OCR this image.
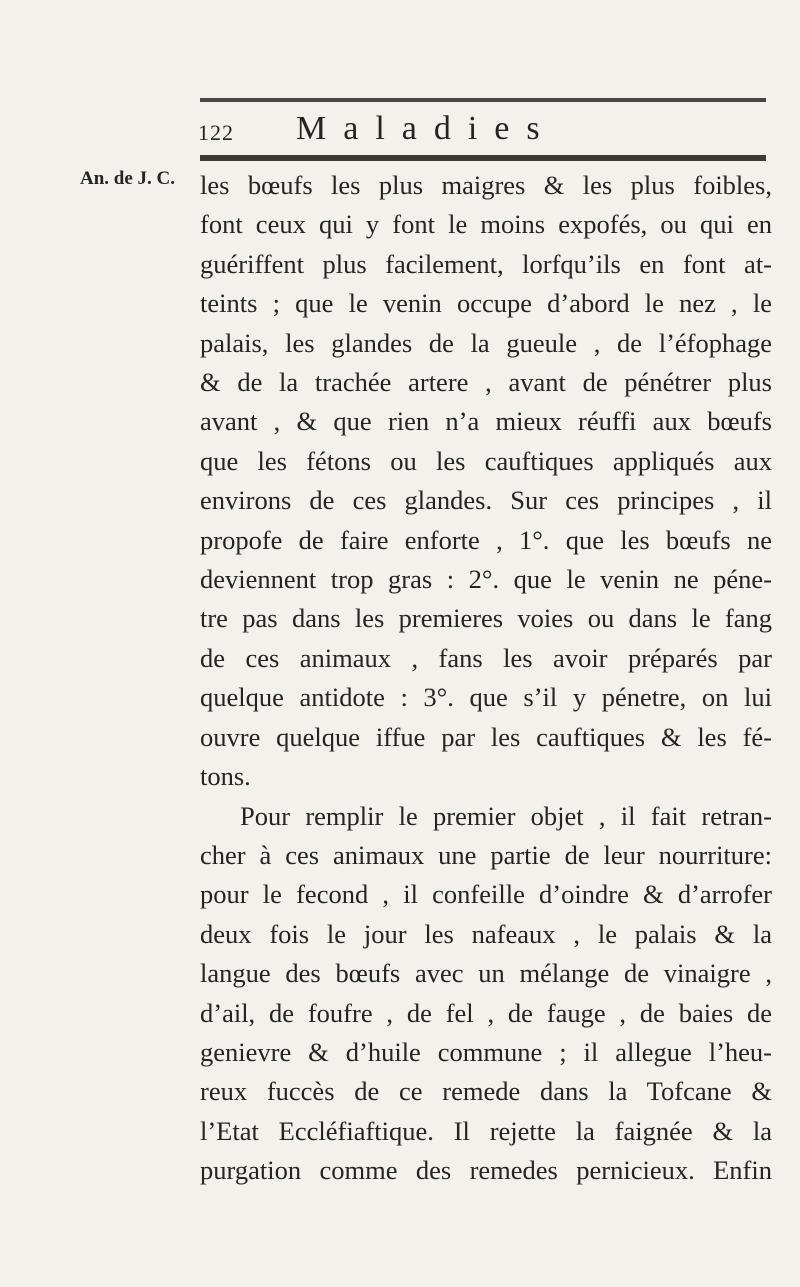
122 Maladies
An. de J. C. les bœufs les plus maigres & les plus foibles,
font ceux qui y font le moins expofés, ou qui en
guériffent plus facilement, lorfqu’ils en font at-
teints ; que le venin occupe d’abord le nez , le
palais, les glandes de la gueule , de l’éfophage
& de la trachée artere , avant de pénétrer plus
avant , & que rien n’a mieux réuffi aux bœufs
que les fétons ou les cauftiques appliqués aux
environs de ces glandes. Sur ces principes , il
propofe de faire enforte , 1°. que les bœufs ne
deviennent trop gras : 2°. que le venin ne péne-
tre pas dans les premieres voies ou dans le fang
de ces animaux , fans les avoir préparés par
quelque antidote : 3°. que s’il y pénetre, on lui
ouvre quelque iffue par les cauftiques & les fé-
tons.
Pour remplir le premier objet , il fait retran-
cher à ces animaux une partie de leur nourriture:
pour le fecond , il confeille d’oindre & d’arrofer
deux fois le jour les nafeaux , le palais & la
langue des bœufs avec un mélange de vinaigre ,
d’ail, de foufre , de fel , de fauge , de baies de
genievre & d’huile commune ; il allegue l’heu-
reux fuccès de ce remede dans la Tofcane &
l’Etat Eccléfiaftique. Il rejette la faignée & la
purgation comme des remedes pernicieux. Enfin
